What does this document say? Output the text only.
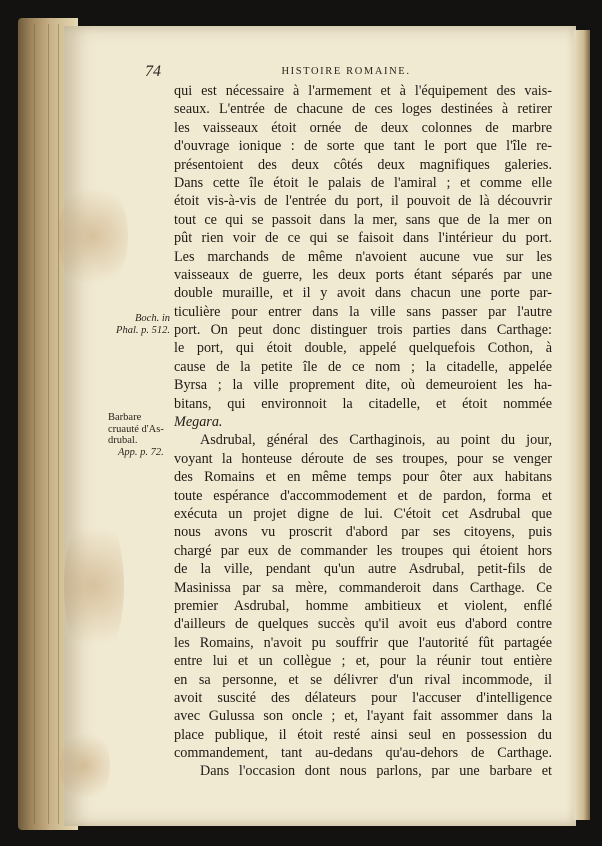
74	HISTOIRE ROMAINE.
Boch. in
Phal. p. 512.
Barbare
cruauté d'As-
drubal.
App. p. 72.
qui est nécessaire à l'armement et à l'équipement des vais-
seaux. L'entrée de chacune de ces loges destinées à retirer
les vaisseaux étoit ornée de deux colonnes de marbre
d'ouvrage ionique : de sorte que tant le port que l'île re-
présentoient des deux côtés deux magnifiques galeries.
Dans cette île étoit le palais de l'amiral ; et comme elle
étoit vis-à-vis de l'entrée du port, il pouvoit de là découvrir
tout ce qui se passoit dans la mer, sans que de la mer on
pût rien voir de ce qui se faisoit dans l'intérieur du port.
Les marchands de même n'avoient aucune vue sur les
vaisseaux de guerre, les deux ports étant séparés par une
double muraille, et il y avoit dans chacun une porte par-
ticulière pour entrer dans la ville sans passer par l'autre
port. On peut donc distinguer trois parties dans Carthage:
le port, qui étoit double, appelé quelquefois Cothon, à
cause de la petite île de ce nom ; la citadelle, appelée
Byrsa ; la ville proprement dite, où demeuroient les ha-
bitans, qui environnoit la citadelle, et étoit nommée
Megara.
Asdrubal, général des Carthaginois, au point du jour,
voyant la honteuse déroute de ses troupes, pour se venger
des Romains et en même temps pour ôter aux habitans
toute espérance d'accommodement et de pardon, forma et
exécuta un projet digne de lui. C'étoit cet Asdrubal que
nous avons vu proscrit d'abord par ses citoyens, puis
chargé par eux de commander les troupes qui étoient hors
de la ville, pendant qu'un autre Asdrubal, petit-fils de
Masinissa par sa mère, commanderoit dans Carthage. Ce
premier Asdrubal, homme ambitieux et violent, enflé
d'ailleurs de quelques succès qu'il avoit eus d'abord contre
les Romains, n'avoit pu souffrir que l'autorité fût partagée
entre lui et un collègue ; et, pour la réunir tout entière
en sa personne, et se délivrer d'un rival incommode, il
avoit suscité des délateurs pour l'accuser d'intelligence
avec Gulussa son oncle ; et, l'ayant fait assommer dans la
place publique, il étoit resté ainsi seul en possession du
commandement, tant au-dedans qu'au-dehors de Carthage.
Dans l'occasion dont nous parlons, par une barbare et
